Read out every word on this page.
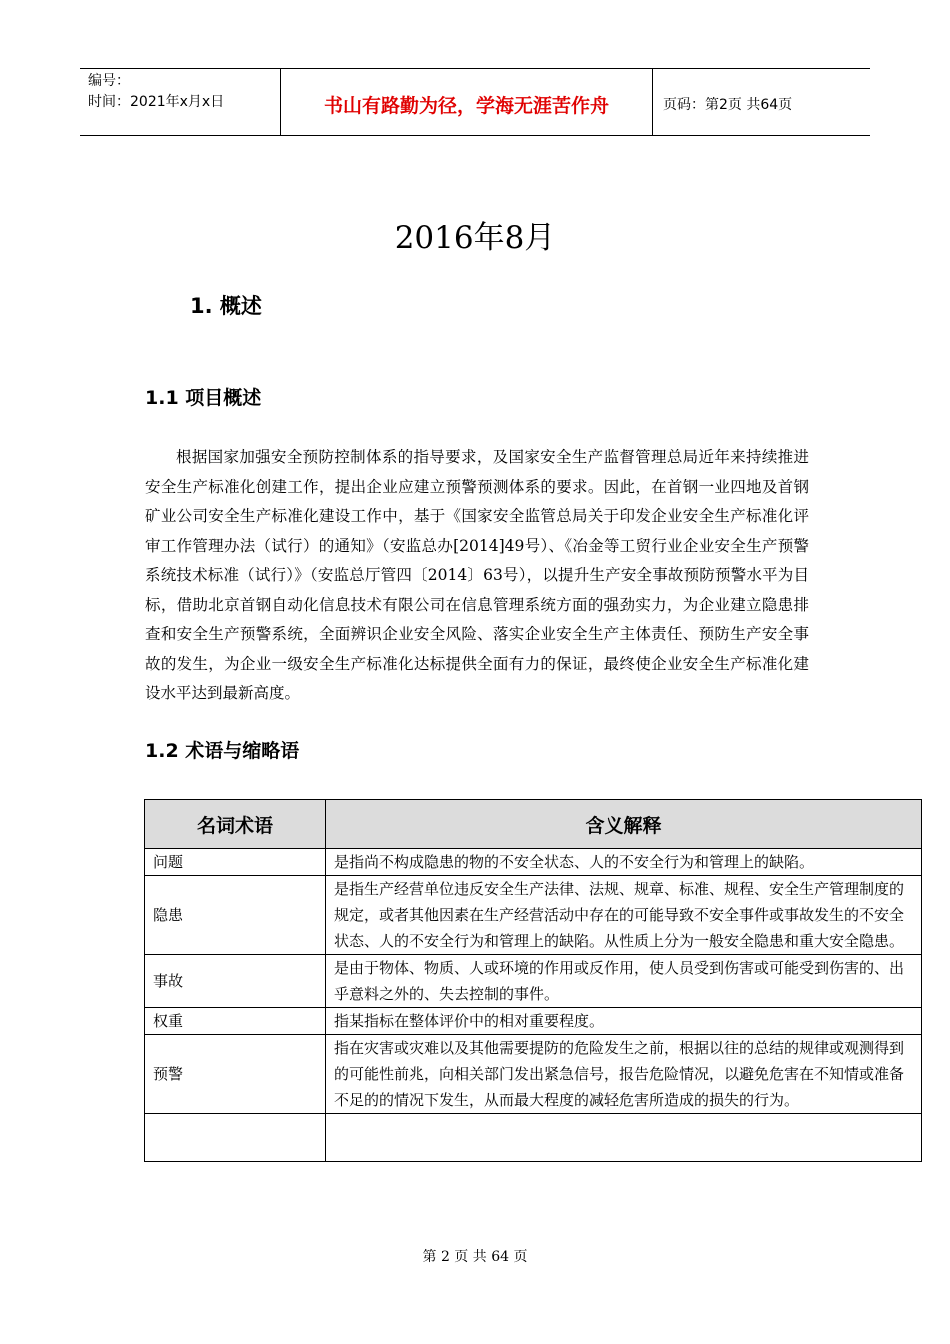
编号：
时间：2021年x月x日	书山有路勤为径，学海无涯苦作舟	页码：第2页 共64页
2016年8月
1. 概述
1.1 项目概述
根据国家加强安全预防控制体系的指导要求，及国家安全生产监督管理总局近年来持续推进安全生产标准化创建工作，提出企业应建立预警预测体系的要求。因此，在首钢一业四地及首钢矿业公司安全生产标准化建设工作中，基于《国家安全监管总局关于印发企业安全生产标准化评审工作管理办法（试行）的通知》（安监总办[2014]49号）、《冶金等工贸行业企业安全生产预警系统技术标准（试行）》（安监总厅管四〔2014〕63号），以提升生产安全事故预防预警水平为目标，借助北京首钢自动化信息技术有限公司在信息管理系统方面的强劲实力，为企业建立隐患排查和安全生产预警系统，全面辨识企业安全风险、落实企业安全生产主体责任、预防生产安全事故的发生，为企业一级安全生产标准化达标提供全面有力的保证，最终使企业安全生产标准化建设水平达到最新高度。
1.2 术语与缩略语
名词术语	含义解释
问题	是指尚不构成隐患的物的不安全状态、人的不安全行为和管理上的缺陷。
隐患	是指生产经营单位违反安全生产法律、法规、规章、标准、规程、安全生产管理制度的规定，或者其他因素在生产经营活动中存在的可能导致不安全事件或事故发生的不安全状态、人的不安全行为和管理上的缺陷。从性质上分为一般安全隐患和重大安全隐患。
事故	是由于物体、物质、人或环境的作用或反作用，使人员受到伤害或可能受到伤害的、出乎意料之外的、失去控制的事件。
权重	指某指标在整体评价中的相对重要程度。
预警	指在灾害或灾难以及其他需要提防的危险发生之前，根据以往的总结的规律或观测得到的可能性前兆，向相关部门发出紧急信号，报告危险情况，以避免危害在不知情或准备不足的的情况下发生，从而最大程度的减轻危害所造成的损失的行为。

第 2 页 共 64 页
